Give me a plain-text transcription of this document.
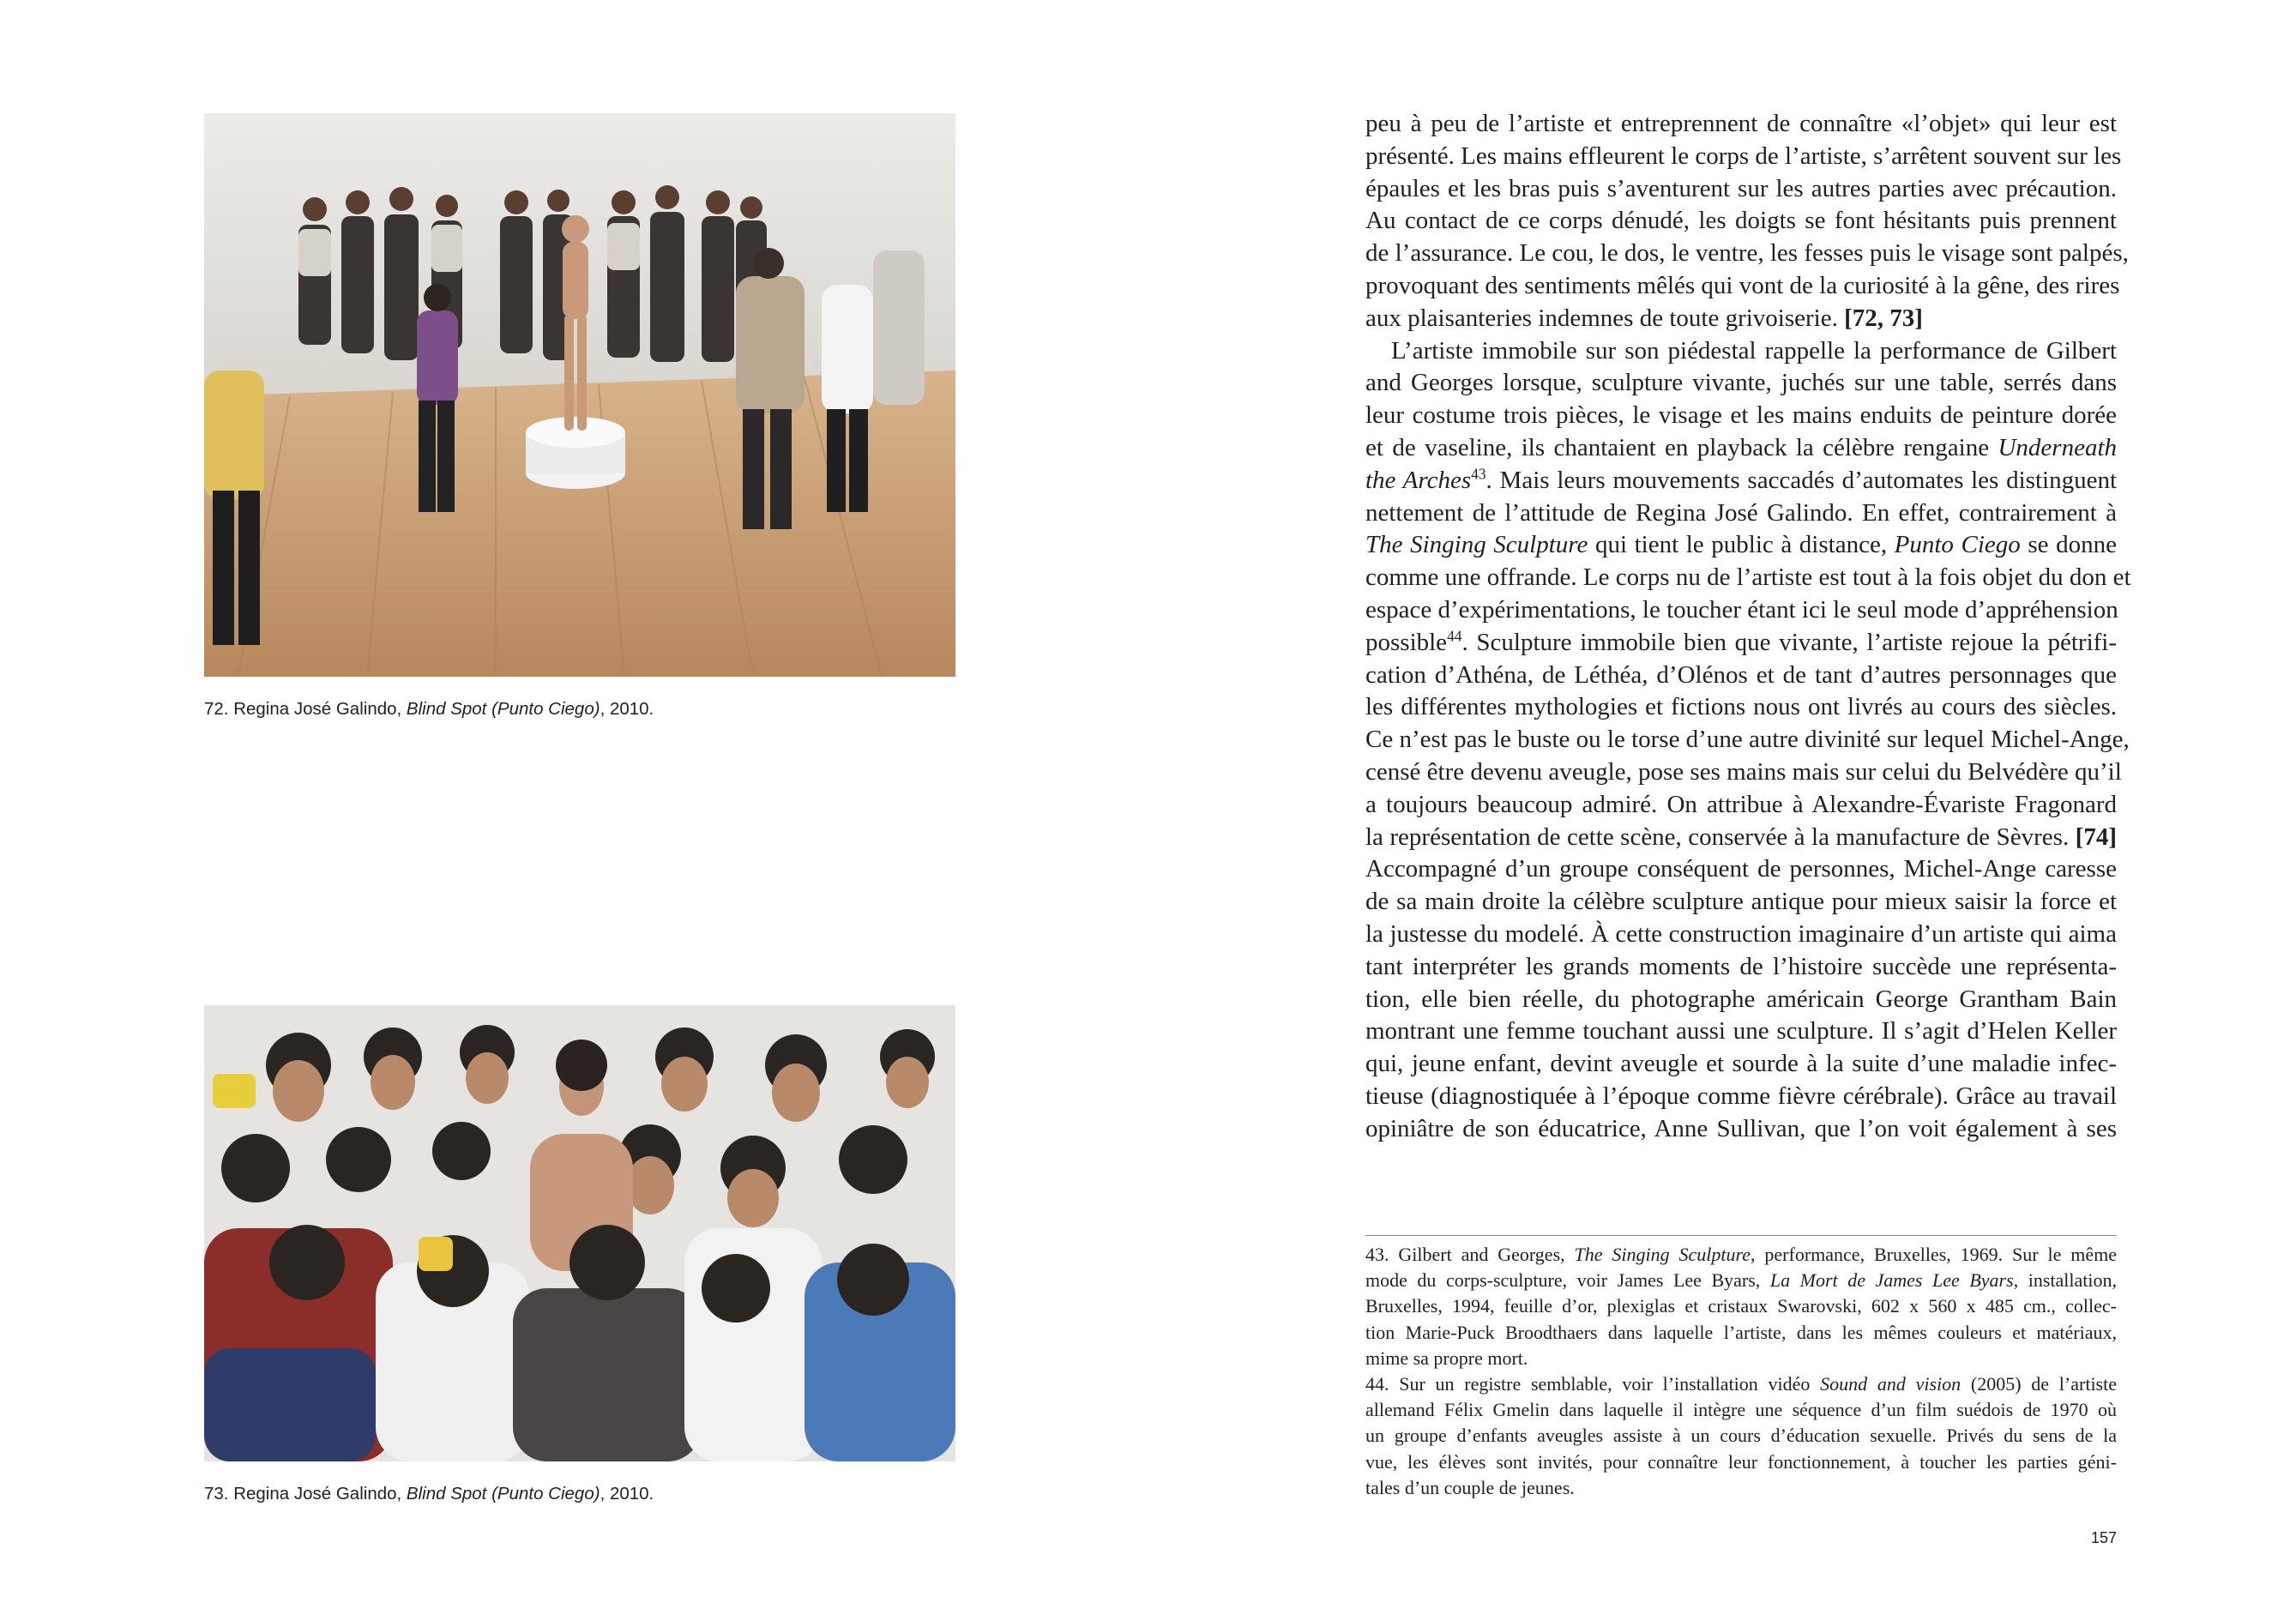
72. Regina José Galindo, Blind Spot (Punto Ciego), 2010.
73. Regina José Galindo, Blind Spot (Punto Ciego), 2010.
peu à peu de l’artiste et entreprennent de connaître «l’objet» qui leur est
présenté. Les mains effleurent le corps de l’artiste, s’arrêtent souvent sur les
épaules et les bras puis s’aventurent sur les autres parties avec précaution.
Au contact de ce corps dénudé, les doigts se font hésitants puis prennent
de l’assurance. Le cou, le dos, le ventre, les fesses puis le visage sont palpés,
provoquant des sentiments mêlés qui vont de la curiosité à la gêne, des rires
aux plaisanteries indemnes de toute grivoiserie. [72, 73]
L’artiste immobile sur son piédestal rappelle la performance de Gilbert
and Georges lorsque, sculpture vivante, juchés sur une table, serrés dans
leur costume trois pièces, le visage et les mains enduits de peinture dorée
et de vaseline, ils chantaient en playback la célèbre rengaine Underneath
the Arches$^{43}$. Mais leurs mouvements saccadés d’automates les distinguent
nettement de l’attitude de Regina José Galindo. En effet, contrairement à
The Singing Sculpture qui tient le public à distance, Punto Ciego se donne
comme une offrande. Le corps nu de l’artiste est tout à la fois objet du don et
espace d’expérimentations, le toucher étant ici le seul mode d’appréhension
possible$^{44}$. Sculpture immobile bien que vivante, l’artiste rejoue la pétrifi-
cation d’Athéna, de Léthéa, d’Olénos et de tant d’autres personnages que
les différentes mythologies et fictions nous ont livrés au cours des siècles.
Ce n’est pas le buste ou le torse d’une autre divinité sur lequel Michel-Ange,
censé être devenu aveugle, pose ses mains mais sur celui du Belvédère qu’il
a toujours beaucoup admiré. On attribue à Alexandre-Évariste Fragonard
la représentation de cette scène, conservée à la manufacture de Sèvres. [74]
Accompagné d’un groupe conséquent de personnes, Michel-Ange caresse
de sa main droite la célèbre sculpture antique pour mieux saisir la force et
la justesse du modelé. À cette construction imaginaire d’un artiste qui aima
tant interpréter les grands moments de l’histoire succède une représenta-
tion, elle bien réelle, du photographe américain George Grantham Bain
montrant une femme touchant aussi une sculpture. Il s’agit d’Helen Keller
qui, jeune enfant, devint aveugle et sourde à la suite d’une maladie infec-
tieuse (diagnostiquée à l’époque comme fièvre cérébrale). Grâce au travail
opiniâtre de son éducatrice, Anne Sullivan, que l’on voit également à ses
43. Gilbert and Georges, The Singing Sculpture, performance, Bruxelles, 1969. Sur le même
mode du corps-sculpture, voir James Lee Byars, La Mort de James Lee Byars, installation,
Bruxelles, 1994, feuille d’or, plexiglas et cristaux Swarovski, 602 x 560 x 485 cm., collec-
tion Marie-Puck Broodthaers dans laquelle l’artiste, dans les mêmes couleurs et matériaux,
mime sa propre mort.
44. Sur un registre semblable, voir l’installation vidéo Sound and vision (2005) de l’artiste
allemand Félix Gmelin dans laquelle il intègre une séquence d’un film suédois de 1970 où
un groupe d’enfants aveugles assiste à un cours d’éducation sexuelle. Privés du sens de la
vue, les élèves sont invités, pour connaître leur fonctionnement, à toucher les parties géni-
tales d’un couple de jeunes.
157
